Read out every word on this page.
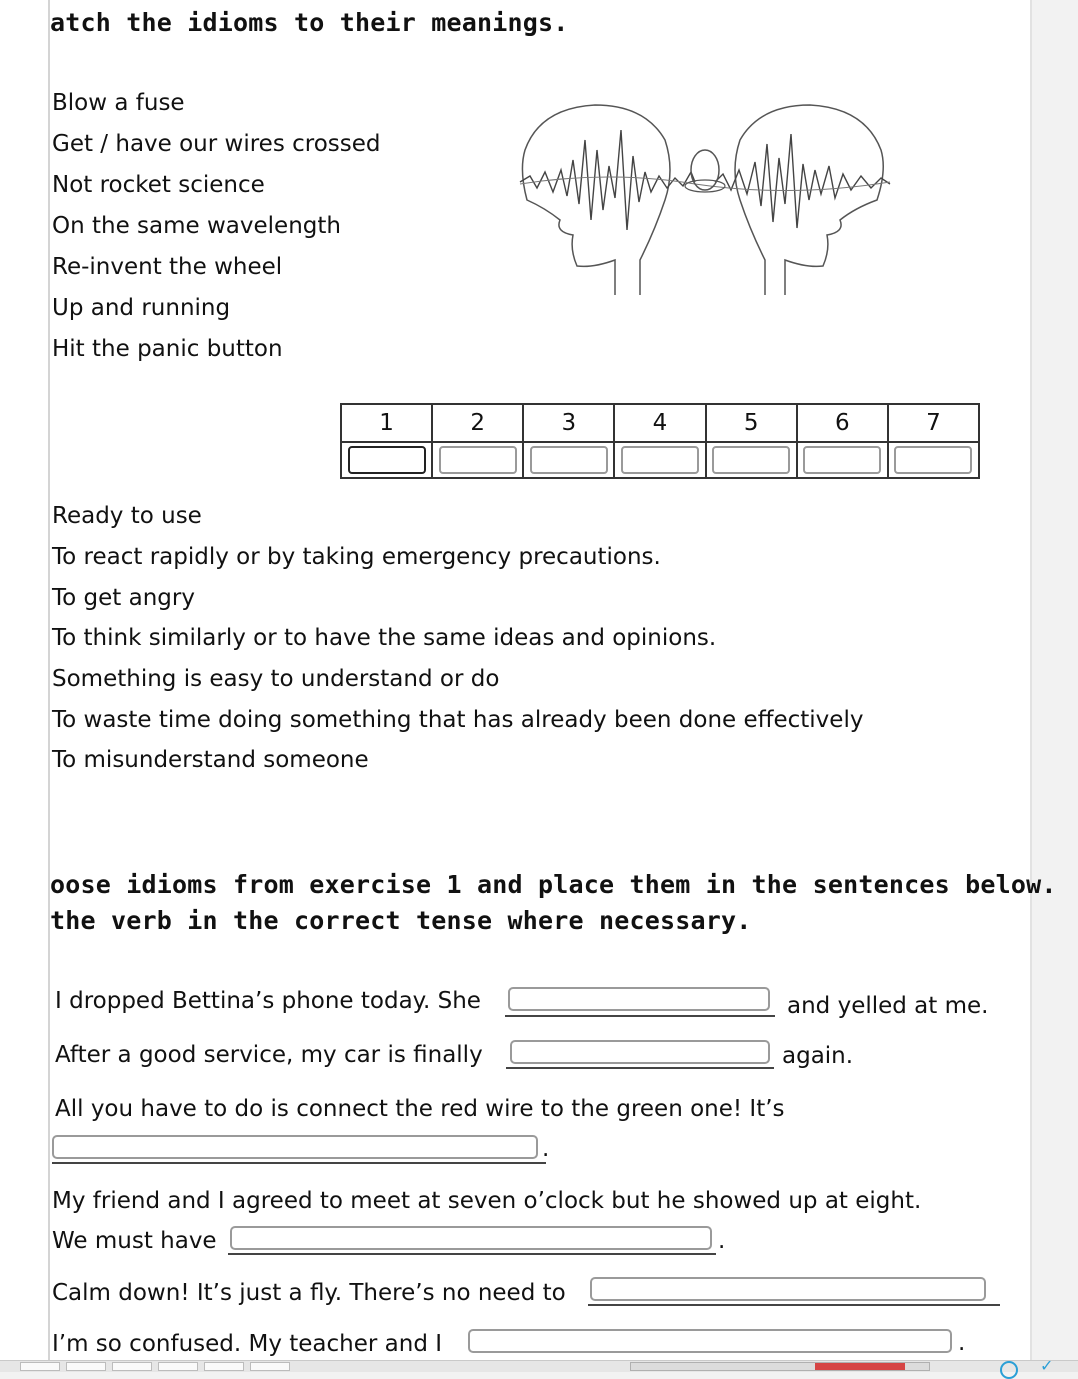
atch the idioms to their meanings.

Blow a fuse

Get / have our wires crossed

Not rocket science

On the same wavelength

Re-invent the wheel

Up and running

Hit the panic button

1	2	3	4	5	6	7

Ready to use

To react rapidly or by taking emergency precautions.

To get angry

To think similarly or to have the same ideas and opinions.

Something is easy to understand or do

To waste time doing something that has already been done effectively

To misunderstand someone

oose idioms from exercise 1 and place them in the sentences below.
the verb in the correct tense where necessary.

I dropped Bettina’s phone today. She	and yelled at me.

After a good service, my car is finally	again.

All you have to do is connect the red wire to the green one! It’s

.

My friend and I agreed to meet at seven o’clock but he showed up at eight.

We must have	.

Calm down! It’s just a fly. There’s no need to

I’m so confused. My teacher and I	.
✓
